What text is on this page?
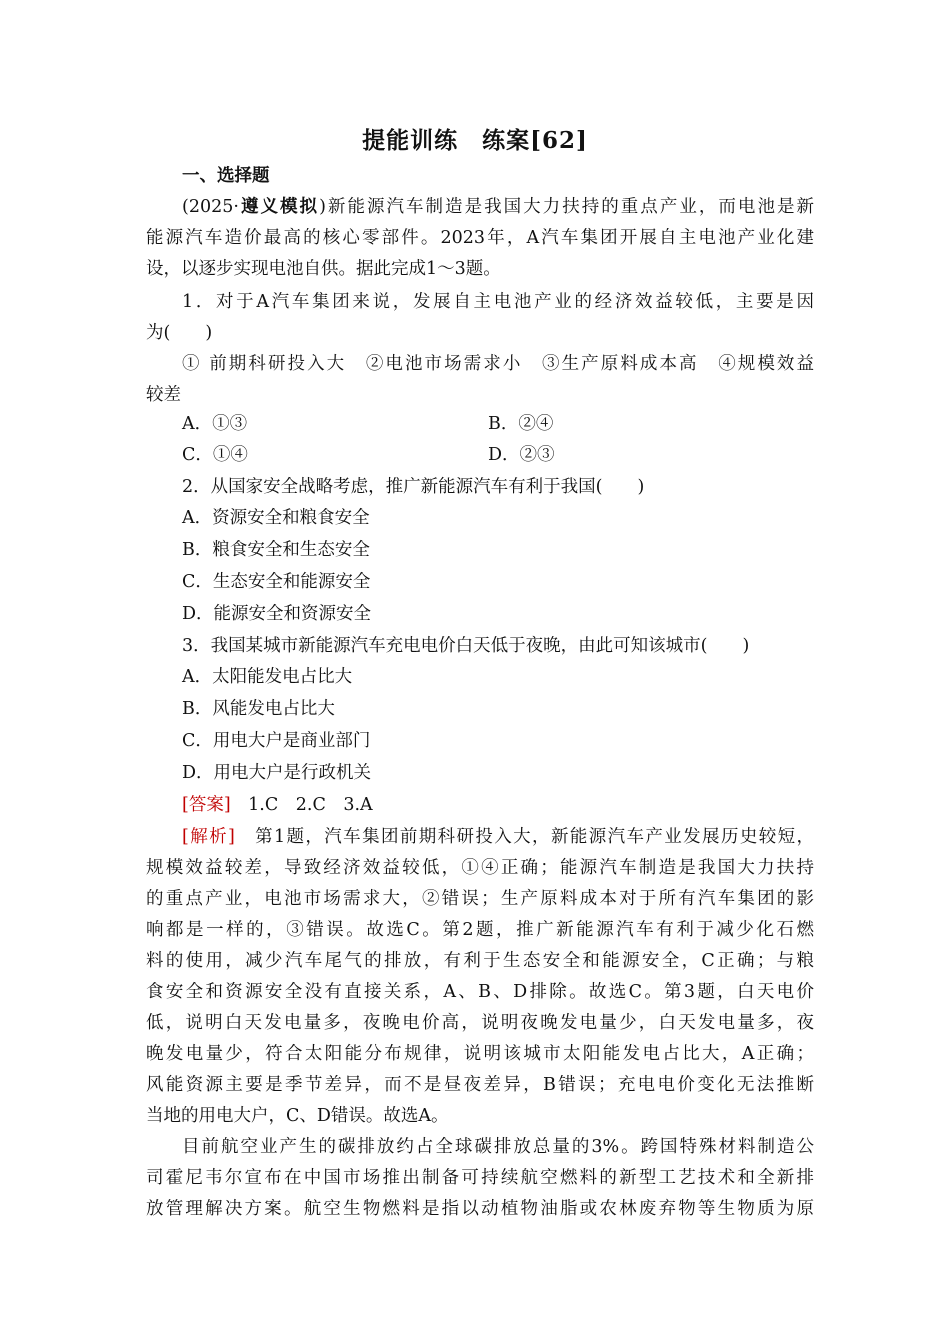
提能训练　练案[62]
一、选择题
(2025·遵义模拟)新能源汽车制造是我国大力扶持的重点产业，而电池是新
能源汽车造价最高的核心零部件。2023年，A汽车集团开展自主电池产业化建
设，以逐步实现电池自供。据此完成1～3题。
1．对于A汽车集团来说，发展自主电池产业的经济效益较低，主要是因
为(　　)
① 前期科研投入大　②电池市场需求小　③生产原料成本高　④规模效益
较差
A．①③	B．②④
C．①④	D．②③
2．从国家安全战略考虑，推广新能源汽车有利于我国(　　)
A．资源安全和粮食安全
B．粮食安全和生态安全
C．生态安全和能源安全
D．能源安全和资源安全
3．我国某城市新能源汽车充电电价白天低于夜晚，由此可知该城市(　　)
A．太阳能发电占比大
B．风能发电占比大
C．用电大户是商业部门
D．用电大户是行政机关
[答案]　1.C　2.C　3.A
[解析]　第1题，汽车集团前期科研投入大，新能源汽车产业发展历史较短，
规模效益较差，导致经济效益较低，①④正确；能源汽车制造是我国大力扶持
的重点产业，电池市场需求大，②错误；生产原料成本对于所有汽车集团的影
响都是一样的，③错误。故选C。第2题，推广新能源汽车有利于减少化石燃
料的使用，减少汽车尾气的排放，有利于生态安全和能源安全，C正确；与粮
食安全和资源安全没有直接关系，A、B、D排除。故选C。第3题，白天电价
低，说明白天发电量多，夜晚电价高，说明夜晚发电量少，白天发电量多，夜
晚发电量少，符合太阳能分布规律，说明该城市太阳能发电占比大，A正确；
风能资源主要是季节差异，而不是昼夜差异，B错误；充电电价变化无法推断
当地的用电大户，C、D错误。故选A。
目前航空业产生的碳排放约占全球碳排放总量的3%。跨国特殊材料制造公
司霍尼韦尔宣布在中国市场推出制备可持续航空燃料的新型工艺技术和全新排
放管理解决方案。航空生物燃料是指以动植物油脂或农林废弃物等生物质为原
